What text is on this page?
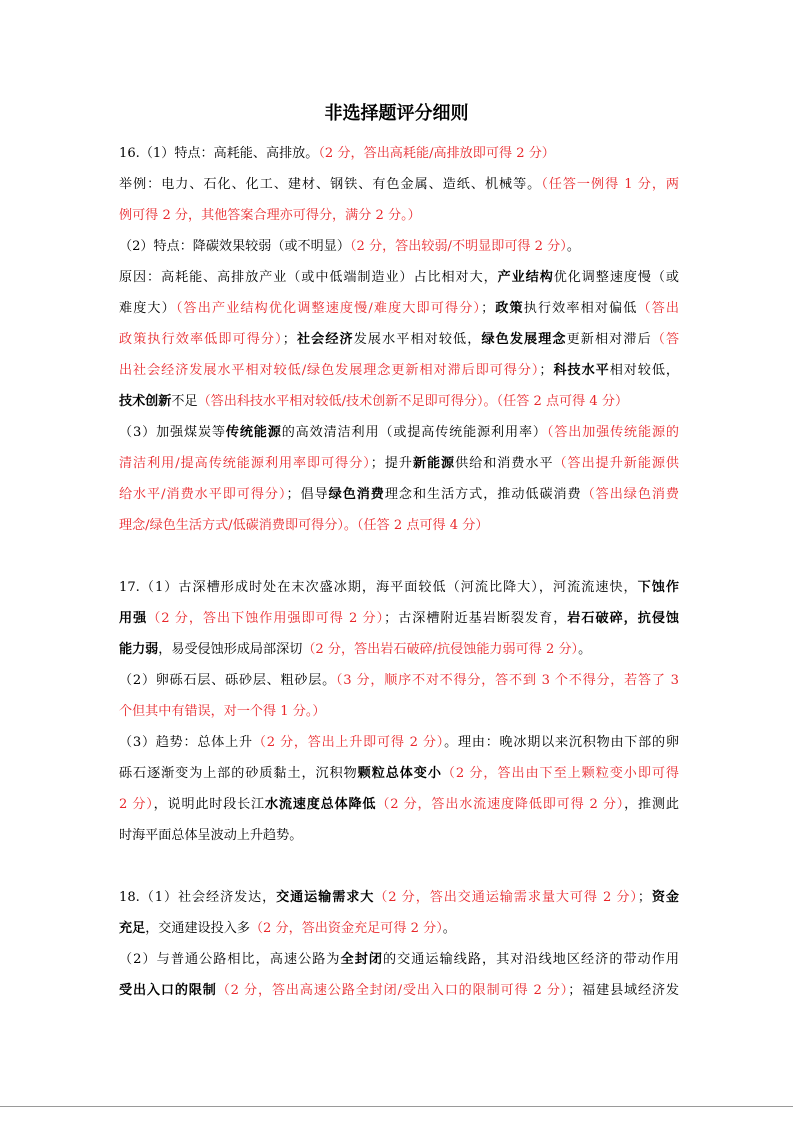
非选择题评分细则
16.（1）特点：高耗能、高排放。（2 分，答出高耗能/高排放即可得 2 分）
举例：电力、石化、化工、建材、钢铁、有色金属、造纸、机械等。（任答一例得 1 分，两
例可得 2 分，其他答案合理亦可得分，满分 2 分。）
（2）特点：降碳效果较弱（或不明显）（2 分，答出较弱/不明显即可得 2 分）。
原因：高耗能、高排放产业（或中低端制造业）占比相对大，产业结构优化调整速度慢（或
难度大）（答出产业结构优化调整速度慢/难度大即可得分）；政策执行效率相对偏低（答出
政策执行效率低即可得分）；社会经济发展水平相对较低，绿色发展理念更新相对滞后（答
出社会经济发展水平相对较低/绿色发展理念更新相对滞后即可得分）；科技水平相对较低，
技术创新不足（答出科技水平相对较低/技术创新不足即可得分）。（任答 2 点可得 4 分）
（3）加强煤炭等传统能源的高效清洁利用（或提高传统能源利用率）（答出加强传统能源的
清洁利用/提高传统能源利用率即可得分）；提升新能源供给和消费水平（答出提升新能源供
给水平/消费水平即可得分）；倡导绿色消费理念和生活方式，推动低碳消费（答出绿色消费
理念/绿色生活方式/低碳消费即可得分）。（任答 2 点可得 4 分）
17.（1）古深槽形成时处在末次盛冰期，海平面较低（河流比降大），河流流速快，下蚀作
用强（2 分，答出下蚀作用强即可得 2 分）；古深槽附近基岩断裂发育，岩石破碎，抗侵蚀
能力弱，易受侵蚀形成局部深切（2 分，答出岩石破碎/抗侵蚀能力弱可得 2 分）。
（2）卵砾石层、砾砂层、粗砂层。（3 分，顺序不对不得分，答不到 3 个不得分，若答了 3
个但其中有错误，对一个得 1 分。）
（3）趋势：总体上升（2 分，答出上升即可得 2 分）。理由：晚冰期以来沉积物由下部的卵
砾石逐渐变为上部的砂质黏土，沉积物颗粒总体变小（2 分，答出由下至上颗粒变小即可得
2 分），说明此时段长江水流速度总体降低（2 分，答出水流速度降低即可得 2 分），推测此
时海平面总体呈波动上升趋势。
18.（1）社会经济发达，交通运输需求大（2 分，答出交通运输需求量大可得 2 分）；资金
充足，交通建设投入多（2 分，答出资金充足可得 2 分）。
（2）与普通公路相比，高速公路为全封闭的交通运输线路，其对沿线地区经济的带动作用
受出入口的限制（2 分，答出高速公路全封闭/受出入口的限制可得 2 分）；福建县域经济发
